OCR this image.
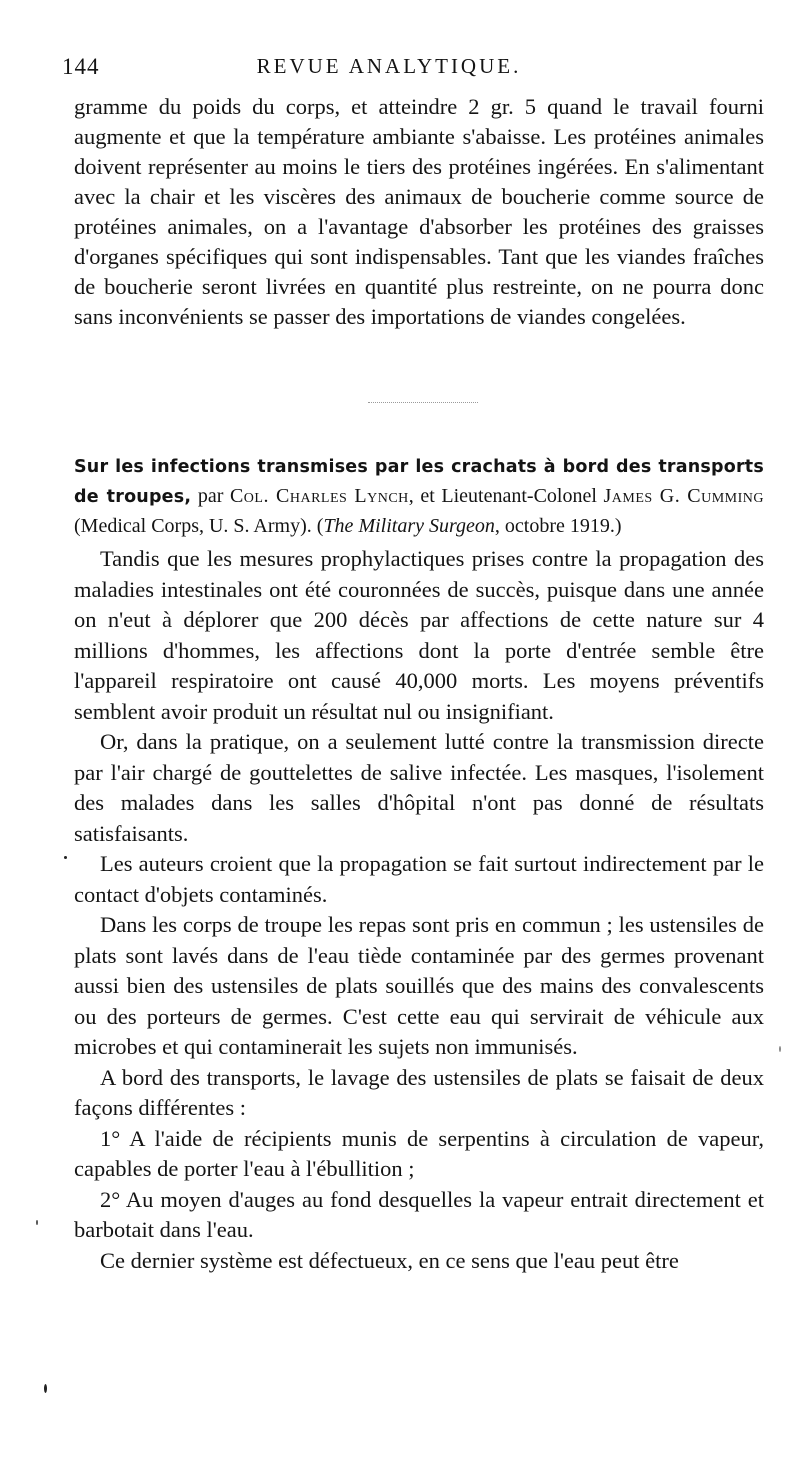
144	REVUE ANALYTIQUE.

gramme du poids du corps, et atteindre 2 gr. 5 quand le travail fourni augmente et que la température ambiante s'abaisse. Les protéines animales doivent représenter au moins le tiers des protéines ingérées. En s'alimentant avec la chair et les viscères des animaux de boucherie comme source de protéines animales, on a l'avantage d'absorber les protéines des graisses d'organes spécifiques qui sont indispensables. Tant que les viandes fraîches de boucherie seront livrées en quantité plus restreinte, on ne pourra donc sans inconvénients se passer des importations de viandes congelées.

Sur les infections transmises par les crachats à bord des transports de troupes, par Col. Charles Lynch, et Lieutenant-Colonel James G. Cumming (Medical Corps, U. S. Army). (The Military Surgeon, octobre 1919.)

Tandis que les mesures prophylactiques prises contre la propagation des maladies intestinales ont été couronnées de succès, puisque dans une année on n'eut à déplorer que 200 décès par affections de cette nature sur 4 millions d'hommes, les affections dont la porte d'entrée semble être l'appareil respiratoire ont causé 40,000 morts. Les moyens préventifs semblent avoir produit un résultat nul ou insignifiant.

Or, dans la pratique, on a seulement lutté contre la transmission directe par l'air chargé de gouttelettes de salive infectée. Les masques, l'isolement des malades dans les salles d'hôpital n'ont pas donné de résultats satisfaisants.

Les auteurs croient que la propagation se fait surtout indirectement par le contact d'objets contaminés.

Dans les corps de troupe les repas sont pris en commun ; les ustensiles de plats sont lavés dans de l'eau tiède contaminée par des germes provenant aussi bien des ustensiles de plats souillés que des mains des convalescents ou des porteurs de germes. C'est cette eau qui servirait de véhicule aux microbes et qui contaminerait les sujets non immunisés.

A bord des transports, le lavage des ustensiles de plats se faisait de deux façons différentes :

1° A l'aide de récipients munis de serpentins à circulation de vapeur, capables de porter l'eau à l'ébullition ;

2° Au moyen d'auges au fond desquelles la vapeur entrait directement et barbotait dans l'eau.

Ce dernier système est défectueux, en ce sens que l'eau peut être
